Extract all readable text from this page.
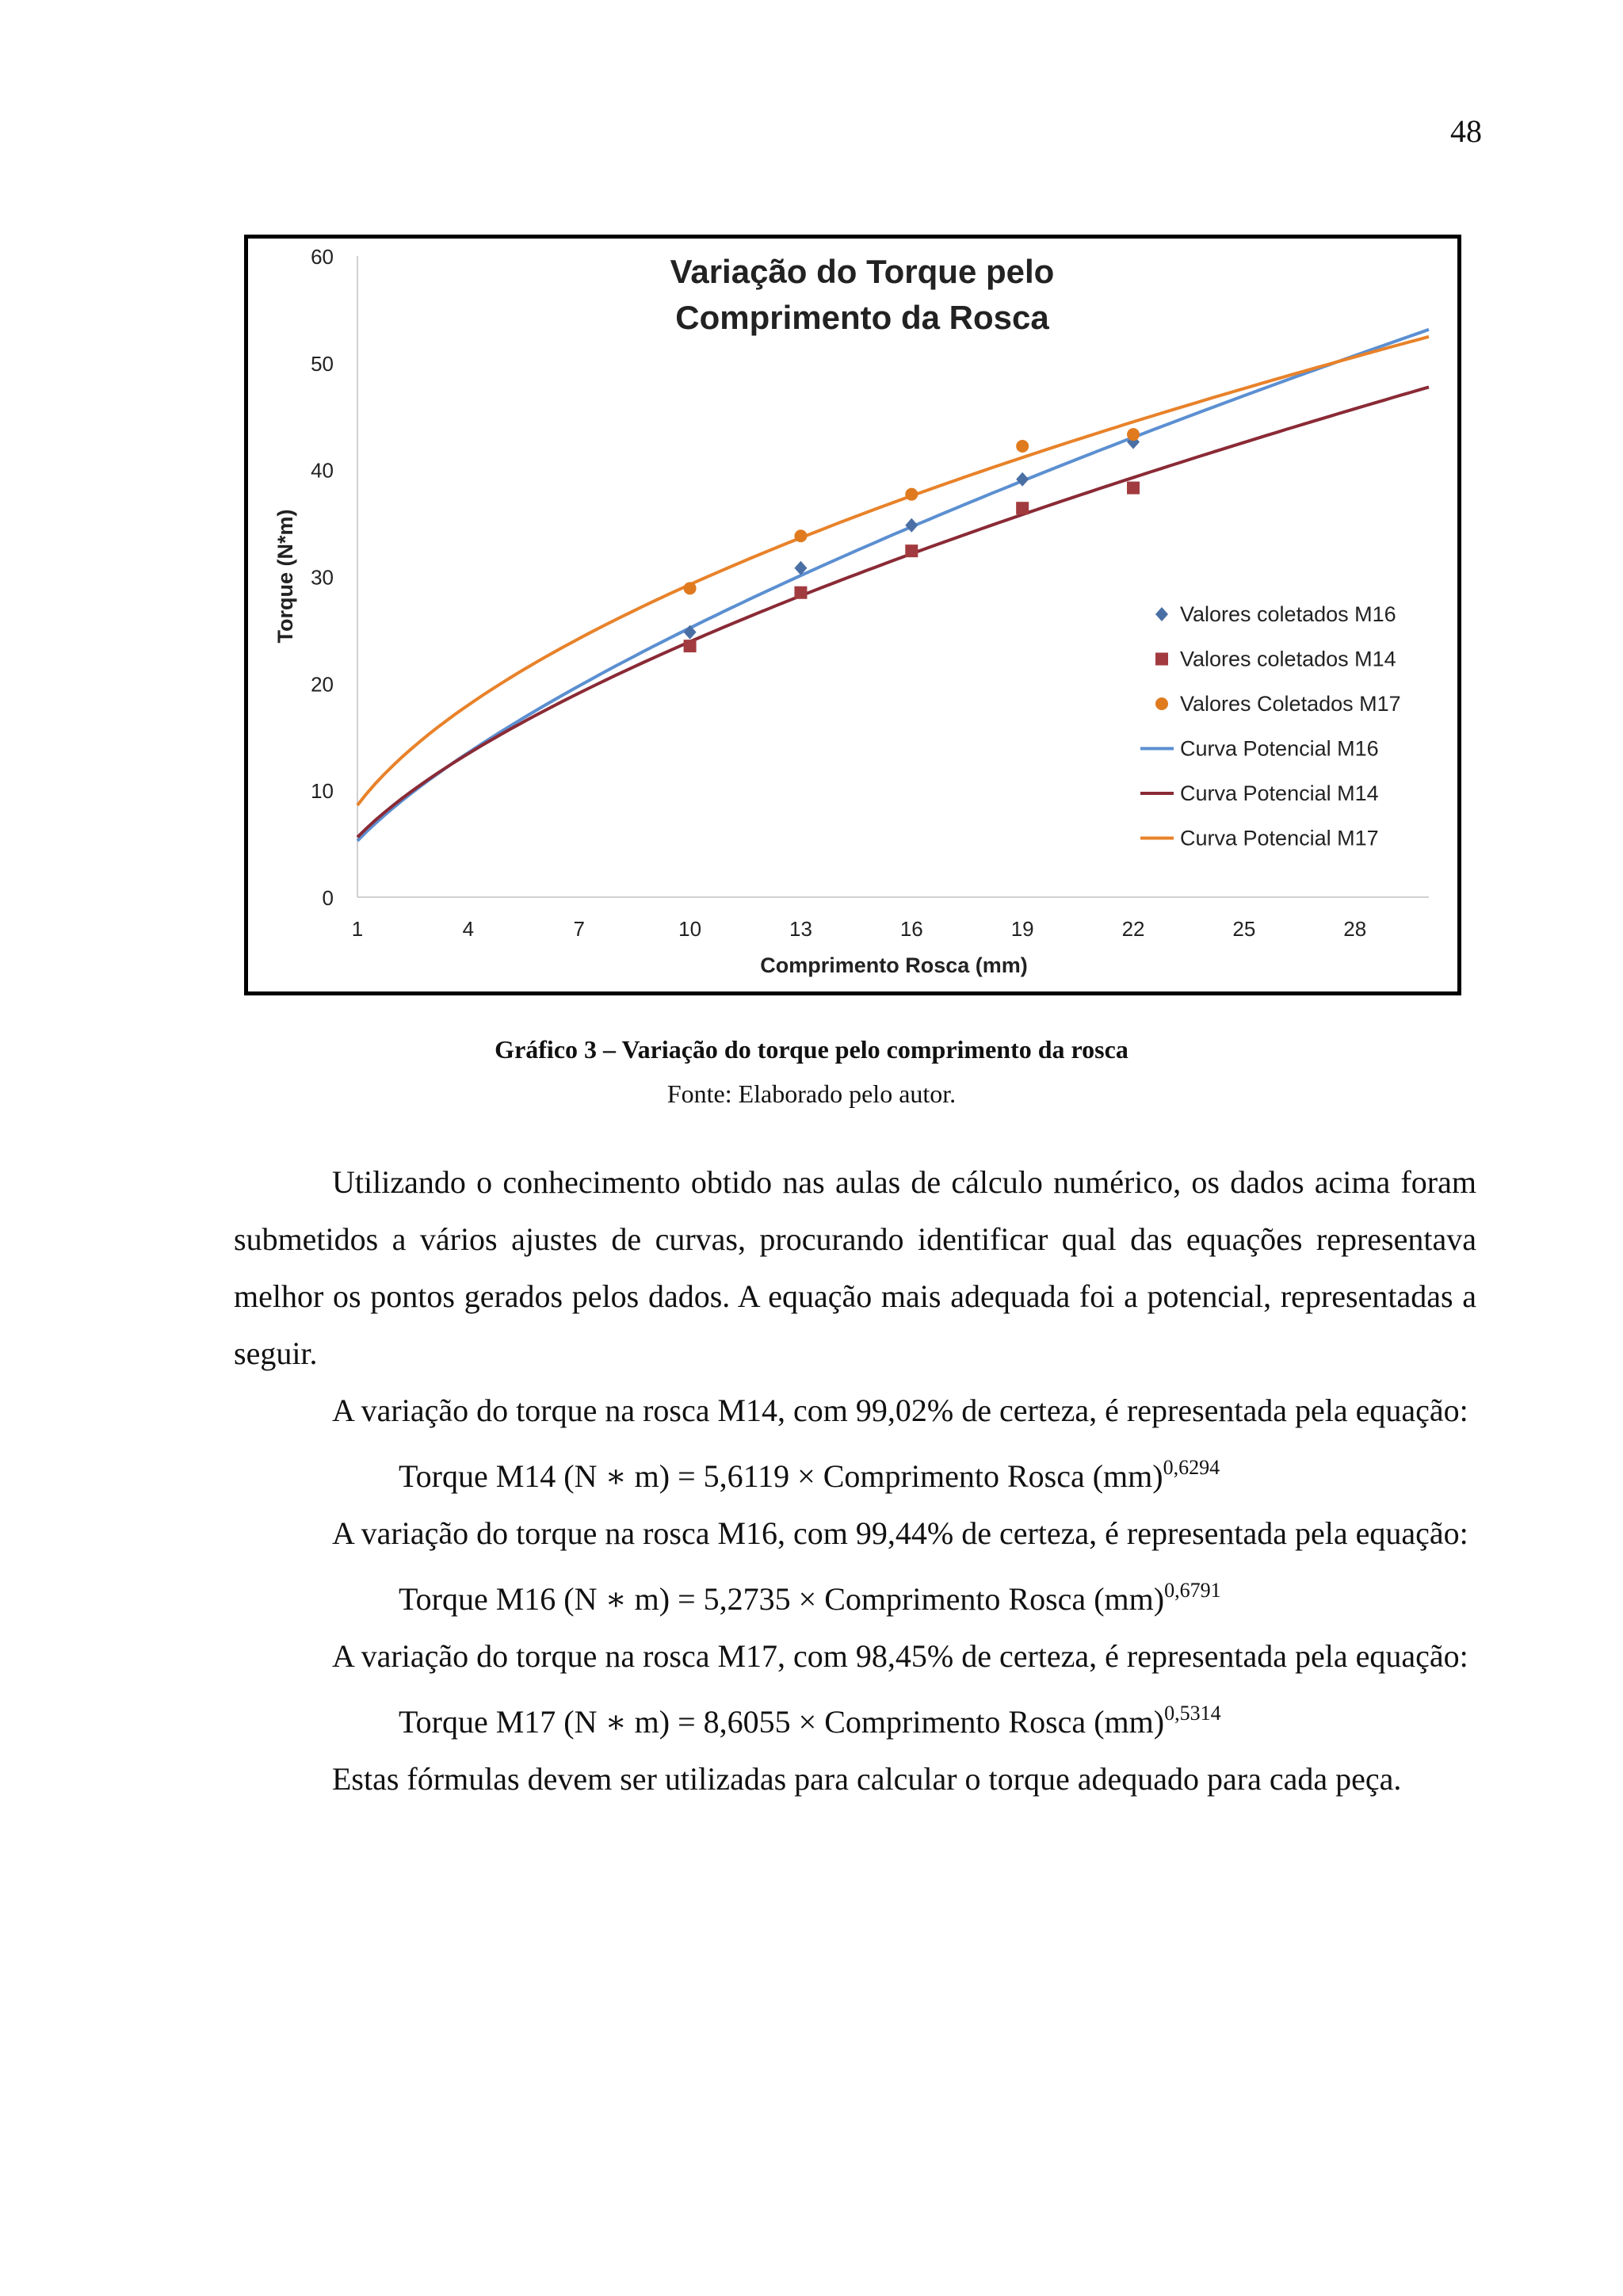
48
0
10
20
30
40
50
60
1	4	7	10	13	16	19	22	25	28
Comprimento Rosca (mm)
Torque (N*m)
Variação do Torque pelo
Comprimento da Rosca
Valores coletados M16
Valores coletados M14
Valores Coletados M17
Curva Potencial M16
Curva Potencial M14
Curva Potencial M17
Gráfico 3 – Variação do torque pelo comprimento da rosca
Fonte: Elaborado pelo autor.

Utilizando o conhecimento obtido nas aulas de cálculo numérico, os dados acima foram submetidos a vários ajustes de curvas, procurando identificar qual das equações representava melhor os pontos gerados pelos dados. A equação mais adequada foi a potencial, representadas a seguir.

A variação do torque na rosca M14, com 99,02% de certeza, é representada pela equação:

Torque M14 (N ∗ m) = 5,6119 × Comprimento Rosca (mm)$^{0,6294}$

A variação do torque na rosca M16, com 99,44% de certeza, é representada pela equação:

Torque M16 (N ∗ m) = 5,2735 × Comprimento Rosca (mm)$^{0,6791}$

A variação do torque na rosca M17, com 98,45% de certeza, é representada pela equação:

Torque M17 (N ∗ m) = 8,6055 × Comprimento Rosca (mm)$^{0,5314}$

Estas fórmulas devem ser utilizadas para calcular o torque adequado para cada peça.
